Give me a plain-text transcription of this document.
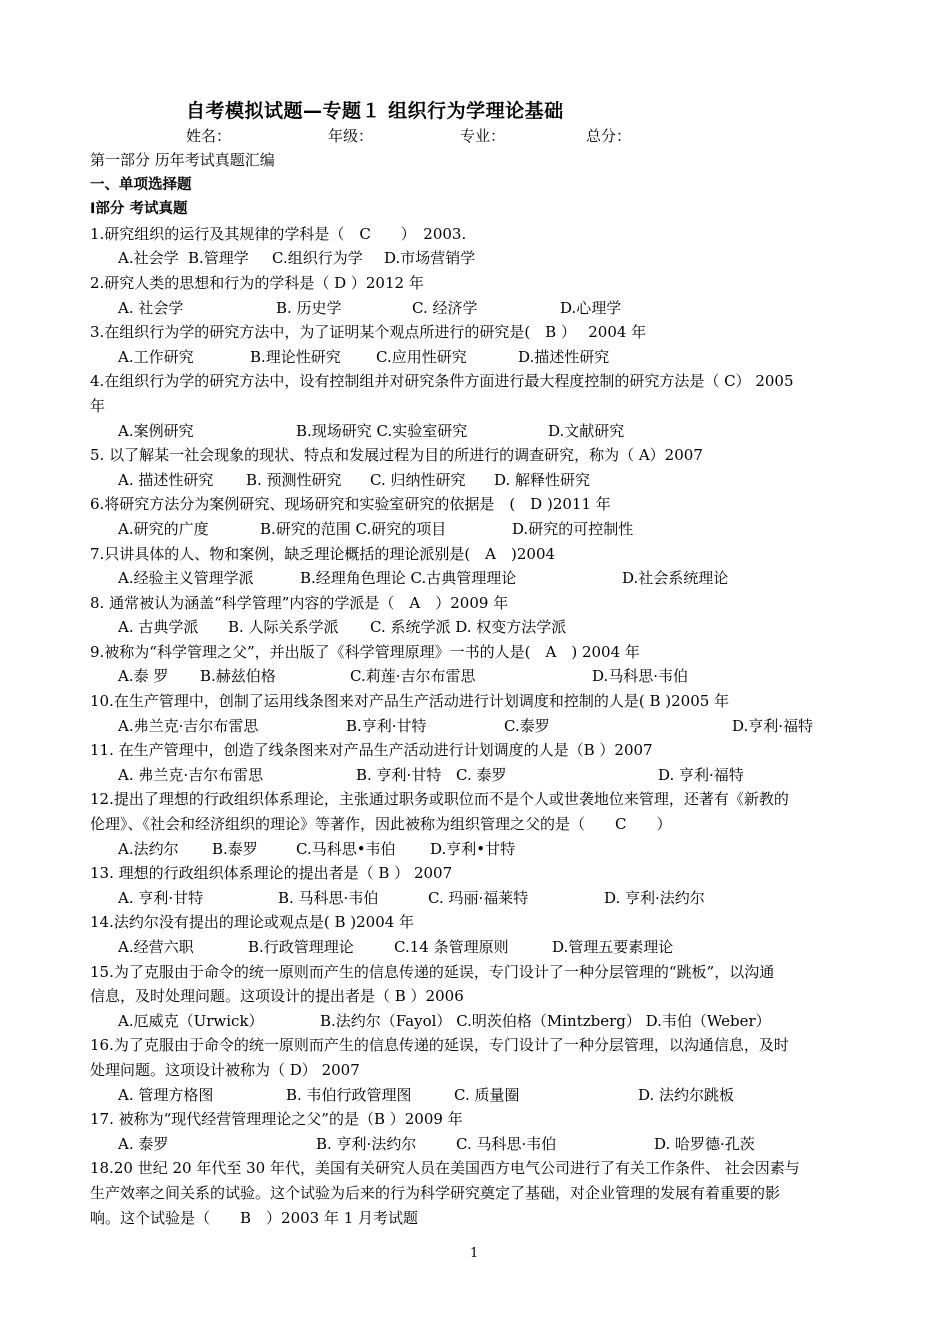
自考模拟试题—专题１ 组织行为学理论基础
姓名：	年级：	专业：	总分：
第一部分 历年考试真题汇编
一、单项选择题
Ⅰ部分 考试真题
1.研究组织的运行及其规律的学科是（　C　　）　2003.
A.社会学 B.管理学 C.组织行为学 D.市场营销学
2.研究人类的思想和行为的学科是（ D ）2012 年
A. 社会学	B. 历史学	C. 经济学	D.心理学
3.在组织行为学的研究方法中，为了证明某个观点所进行的研究是(　B ）　 2004 年
A.工作研究	B.理论性研究 C.应用性研究	D.描述性研究
4.在组织行为学的研究方法中，设有控制组并对研究条件方面进行最大程度控制的研究方法是（ C） 2005
年
A.案例研究	B.现场研究 C.实验室研究	D.文献研究
5. 以了解某一社会现象的现状、特点和发展过程为目的所进行的调查研究，称为（ A）2007
A. 描述性研究 B. 预测性研究 C. 归纳性研究 D. 解释性研究
6.将研究方法分为案例研究、现场研究和实验室研究的依据是　(　D )2011 年
A.研究的广度	B.研究的范围 C.研究的项目	D.研究的可控制性
7.只讲具体的人、物和案例，缺乏理论概括的理论派别是(　A　)2004
A.经验主义管理学派	B.经理角色理论 C.古典管理理论	D.社会系统理论
8. 通常被认为涵盖“科学管理”内容的学派是（　A　）2009 年
A. 古典学派 B. 人际关系学派 C. 系统学派 D. 权变方法学派
9.被称为“科学管理之父”，并出版了《科学管理原理》一书的人是(　A　) 2004 年
A.泰 罗 B.赫兹伯格	C.莉莲·吉尔布雷思	D.马科思·韦伯
10.在生产管理中，创制了运用线条图来对产品生产活动进行计划调度和控制的人是( B )2005 年
A.弗兰克·吉尔布雷思	B.亨利·甘特	C.泰罗	D.亨利·福特
11. 在生产管理中，创造了线条图来对产品生产活动进行计划调度的人是（B ）2007
A. 弗兰克·吉尔布雷思	B. 亨利·甘特 C. 泰罗	D. 亨利·福特
12.提出了理想的行政组织体系理论，主张通过职务或职位而不是个人或世袭地位来管理，还著有《新教的
伦理》、《社会和经济组织的理论》等著作，因此被称为组织管理之父的是（　　C　　）
A.法约尔 B.泰罗	C.马科思•韦伯 D.亨利•甘特
13. 理想的行政组织体系理论的提出者是（ B ） 2007
A. 亨利·甘特	B. 马科思·韦伯	C. 玛丽·福莱特	D. 亨利·法约尔
14.法约尔没有提出的理论或观点是( B )2004 年
A.经营六职	B.行政管理理论	C.14 条管理原则	D.管理五要素理论
15.为了克服由于命令的统一原则而产生的信息传递的延误，专门设计了一种分层管理的“跳板”，以沟通
信息，及时处理问题。这项设计的提出者是（ B ）2006
A.厄威克（Urwick）	B.法约尔（Fayol） C.明茨伯格（Mintzberg） D.韦伯（Weber）
16.为了克服由于命令的统一原则而产生的信息传递的延误，专门设计了一种分层管理，以沟通信息，及时
处理问题。这项设计被称为（ D） 2007
A. 管理方格图	B. 韦伯行政管理图	C. 质量圈	D. 法约尔跳板
17. 被称为“现代经营管理理论之父”的是（B ）2009 年
A. 泰罗	B. 亨利·法约尔	C. 马科思·韦伯	D. 哈罗德·孔茨
18.20 世纪 20 年代至 30 年代，美国有关研究人员在美国西方电气公司进行了有关工作条件、 社会因素与
生产效率之间关系的试验。这个试验为后来的行为科学研究奠定了基础，对企业管理的发展有着重要的影
响。这个试验是（　　B　）2003 年 1 月考试题
1
